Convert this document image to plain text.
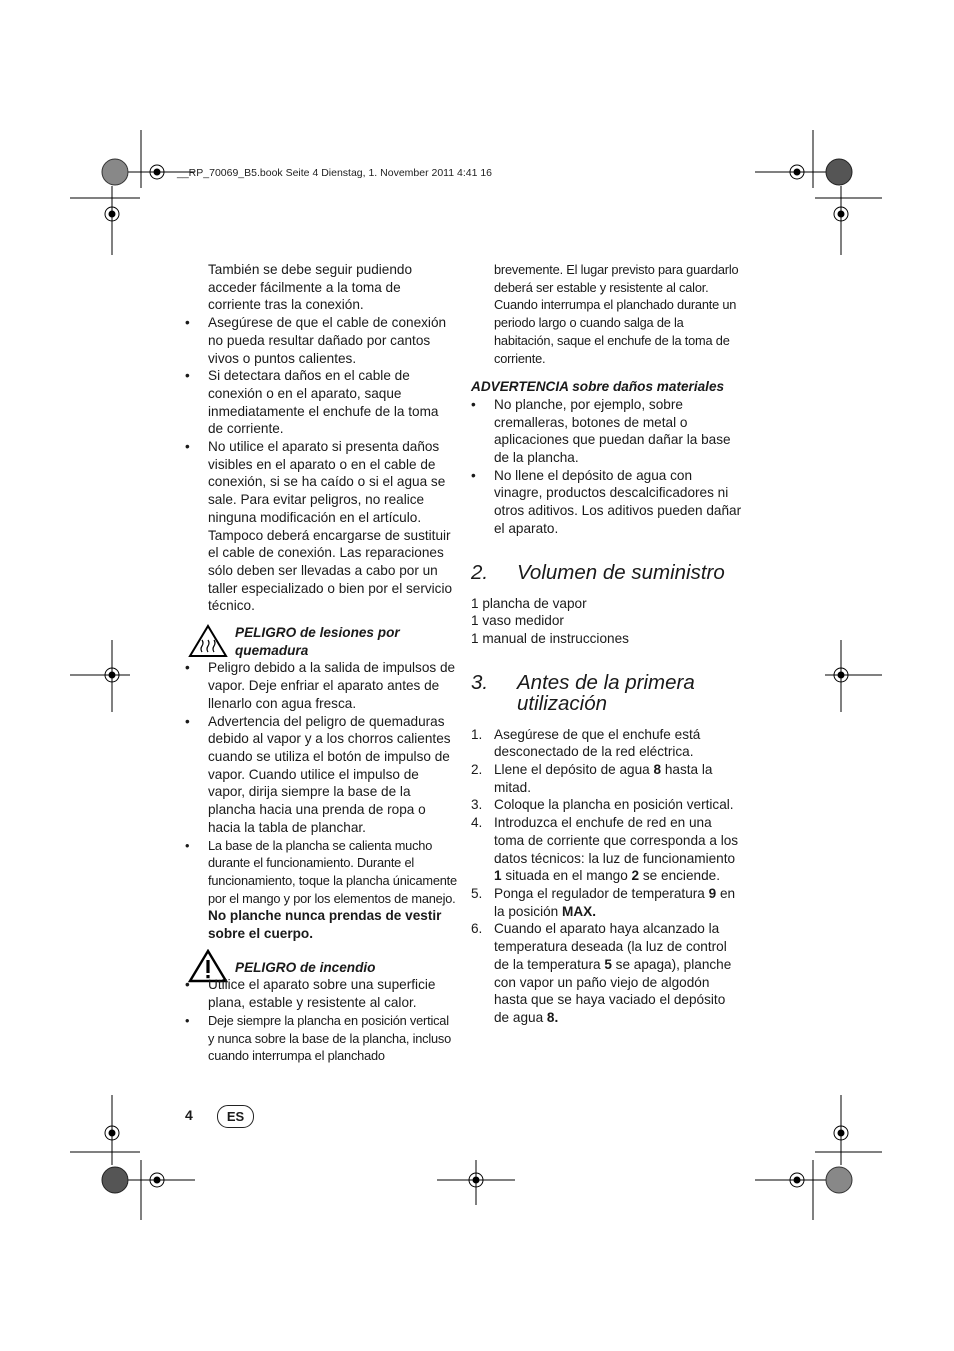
__RP_70069_B5.book Seite 4 Dienstag, 1. November 2011 4:41 16

También se debe seguir pudiendo acceder fácilmente a la toma de corriente tras la conexión.

• Asegúrese de que el cable de conexión no pueda resultar dañado por cantos vivos o puntos calientes.

• Si detectara daños en el cable de conexión o en el aparato, saque inmediatamente el enchufe de la toma de corriente.

• No utilice el aparato si presenta daños visibles en el aparato o en el cable de conexión, si se ha caído o si el agua se sale. Para evitar peligros, no realice ninguna modificación en el artículo. Tampoco deberá encargarse de sustituir el cable de conexión. Las reparaciones sólo deben ser llevadas a cabo por un taller especializado o bien por el servicio técnico.

PELIGRO de lesiones por quemadura

• Peligro debido a la salida de impulsos de vapor. Deje enfriar el aparato antes de llenarlo con agua fresca.

• Advertencia del peligro de quemaduras debido al vapor y a los chorros calientes cuando se utiliza el botón de impulso de vapor. Cuando utilice el impulso de vapor, dirija siempre la base de la plancha hacia una prenda de ropa o hacia la tabla de planchar.

• La base de la plancha se calienta mucho durante el funcionamiento. Durante el funcionamiento, toque la plancha únicamente por el mango y por los elementos de manejo. No planche nunca prendas de vestir sobre el cuerpo.

PELIGRO de incendio

• Utilice el aparato sobre una superficie plana, estable y resistente al calor.

• Deje siempre la plancha en posición vertical y nunca sobre la base de la plancha, incluso cuando interrumpa el planchado

brevemente. El lugar previsto para guardarlo deberá ser estable y resistente al calor. Cuando interrumpa el planchado durante un periodo largo o cuando salga de la habitación, saque el enchufe de la toma de corriente.

ADVERTENCIA sobre daños materiales

• No planche, por ejemplo, sobre cremalleras, botones de metal o aplicaciones que puedan dañar la base de la plancha.

• No llene el depósito de agua con vinagre, productos descalcificadores ni otros aditivos. Los aditivos pueden dañar el aparato.

2. Volumen de suministro

1 plancha de vapor

1 vaso medidor

1 manual de instrucciones

3. Antes de la primera utilización

1. Asegúrese de que el enchufe está desconectado de la red eléctrica.

2. Llene el depósito de agua 8 hasta la mitad.

3. Coloque la plancha en posición vertical.

4. Introduzca el enchufe de red en una toma de corriente que corresponda a los datos técnicos: la luz de funcionamiento 1 situada en el mango 2 se enciende.

5. Ponga el regulador de temperatura 9 en la posición MAX.

6. Cuando el aparato haya alcanzado la temperatura deseada (la luz de control de la temperatura 5 se apaga), planche con vapor un paño viejo de algodón hasta que se haya vaciado el depósito de agua 8.

4	ES
